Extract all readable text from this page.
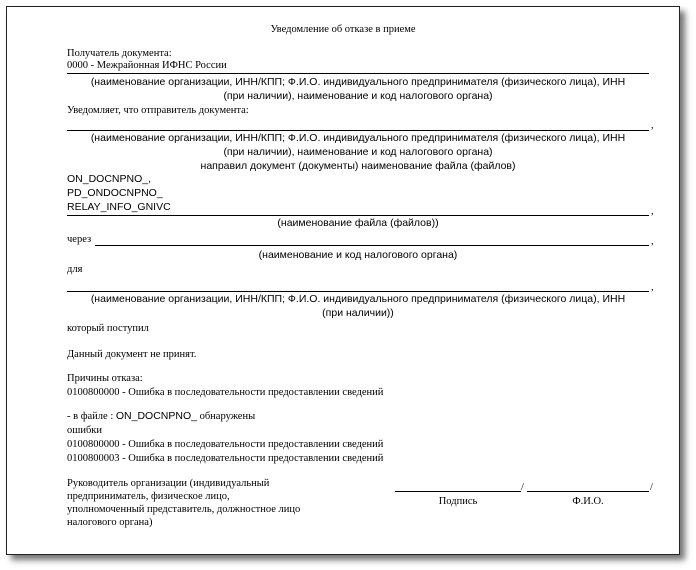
Уведомление об отказе в приеме
Получатель документа:
0000 - Межрайонная ИФНС России
(наименование организации, ИНН/КПП; Ф.И.О. индивидуального предпринимателя (физического лица), ИНН
(при наличии), наименование и код налогового органа)
Уведомляет, что отправитель документа:
,
(наименование организации, ИНН/КПП; Ф.И.О. индивидуального предпринимателя (физического лица), ИНН
(при наличии), наименование и код налогового органа)
направил документ (документы) наименование файла (файлов)
ON_DOCNPNO_,
PD_ONDOCNPNO_
RELAY_INFO_GNIVC	,
(наименование файла (файлов))
через	,
(наименование и код налогового органа)
для
,
(наименование организации, ИНН/КПП; Ф.И.О. индивидуального предпринимателя (физического лица), ИНН
(при наличии))
который поступил
Данный документ не принят.
Причины отказа:
0100800000 - Ошибка в последовательности предоставлении сведений
- в файле : ON_DOCNPNO_ обнаружены
ошибки
0100800000 - Ошибка в последовательности предоставлении сведений
0100800003 - Ошибка в последовательности предоставлении сведений
Руководитель организации (индивидуальный
предприниматель, физическое лицо,
уполномоченный представитель, должностное лицо
налогового органа)
/	/
Подпись	Ф.И.О.
